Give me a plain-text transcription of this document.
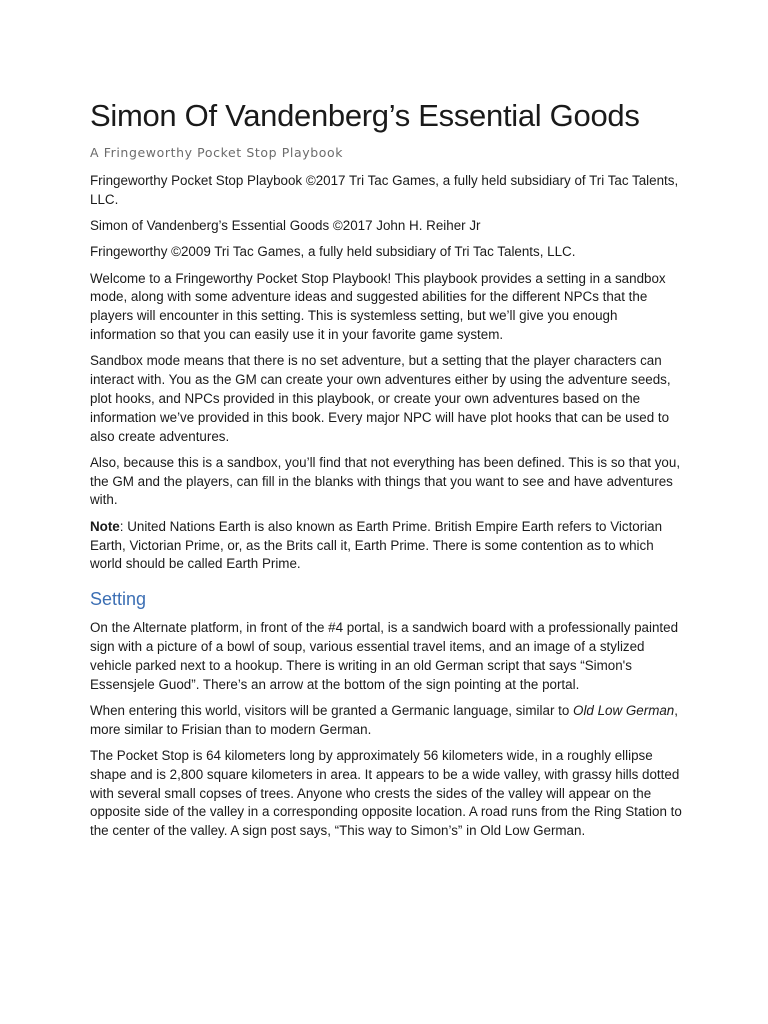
Simon Of Vandenberg’s Essential Goods
A Fringeworthy Pocket Stop Playbook

Fringeworthy Pocket Stop Playbook ©2017 Tri Tac Games, a fully held subsidiary of Tri Tac Talents, LLC.

Simon of Vandenberg’s Essential Goods ©2017 John H. Reiher Jr

Fringeworthy ©2009 Tri Tac Games, a fully held subsidiary of Tri Tac Talents, LLC.

Welcome to a Fringeworthy Pocket Stop Playbook! This playbook provides a setting in a sandbox mode, along with some adventure ideas and suggested abilities for the different NPCs that the players will encounter in this setting. This is systemless setting, but we’ll give you enough information so that you can easily use it in your favorite game system.

Sandbox mode means that there is no set adventure, but a setting that the player characters can interact with. You as the GM can create your own adventures either by using the adventure seeds, plot hooks, and NPCs provided in this playbook, or create your own adventures based on the information we’ve provided in this book. Every major NPC will have plot hooks that can be used to also create adventures.

Also, because this is a sandbox, you’ll find that not everything has been defined. This is so that you, the GM and the players, can fill in the blanks with things that you want to see and have adventures with.

Note: United Nations Earth is also known as Earth Prime. British Empire Earth refers to Victorian Earth, Victorian Prime, or, as the Brits call it, Earth Prime. There is some contention as to which world should be called Earth Prime.

Setting

On the Alternate platform, in front of the #4 portal, is a sandwich board with a professionally painted sign with a picture of a bowl of soup, various essential travel items, and an image of a stylized vehicle parked next to a hookup. There is writing in an old German script that says “Simon's Essensjele Guod”. There’s an arrow at the bottom of the sign pointing at the portal.

When entering this world, visitors will be granted a Germanic language, similar to Old Low German, more similar to Frisian than to modern German.

The Pocket Stop is 64 kilometers long by approximately 56 kilometers wide, in a roughly ellipse shape and is 2,800 square kilometers in area. It appears to be a wide valley, with grassy hills dotted with several small copses of trees. Anyone who crests the sides of the valley will appear on the opposite side of the valley in a corresponding opposite location. A road runs from the Ring Station to the center of the valley. A sign post says, “This way to Simon’s” in Old Low German.
